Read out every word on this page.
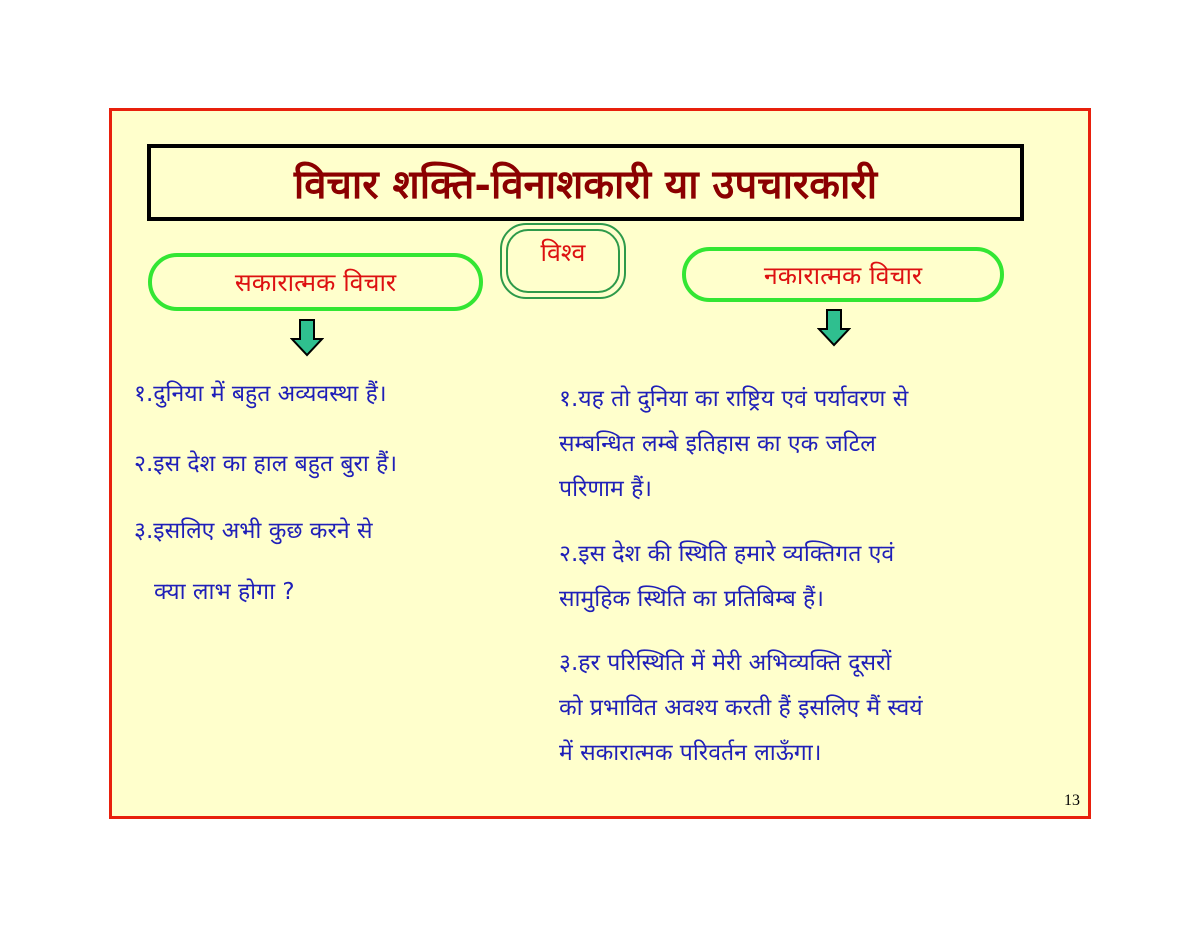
विचार शक्ति-विनाशकारी या उपचारकारी
सकारात्मक विचार
विश्व
नकारात्मक विचार
१.दुनिया में बहुत अव्यवस्था हैं।
२.इस देश का हाल बहुत बुरा हैं।
३.इसलिए अभी कुछ करने से
क्या लाभ होगा ?
१.यह तो दुनिया का राष्ट्रिय एवं पर्यावरण से
सम्बन्धित लम्बे इतिहास का एक जटिल
परिणाम हैं।
२.इस देश की स्थिति हमारे व्यक्तिगत एवं
सामुहिक स्थिति का प्रतिबिम्ब हैं।
३.हर परिस्थिति में मेरी अभिव्यक्ति दूसरों
को प्रभावित अवश्य करती हैं इसलिए मैं स्वयं
में सकारात्मक परिवर्तन लाऊँगा।
13
